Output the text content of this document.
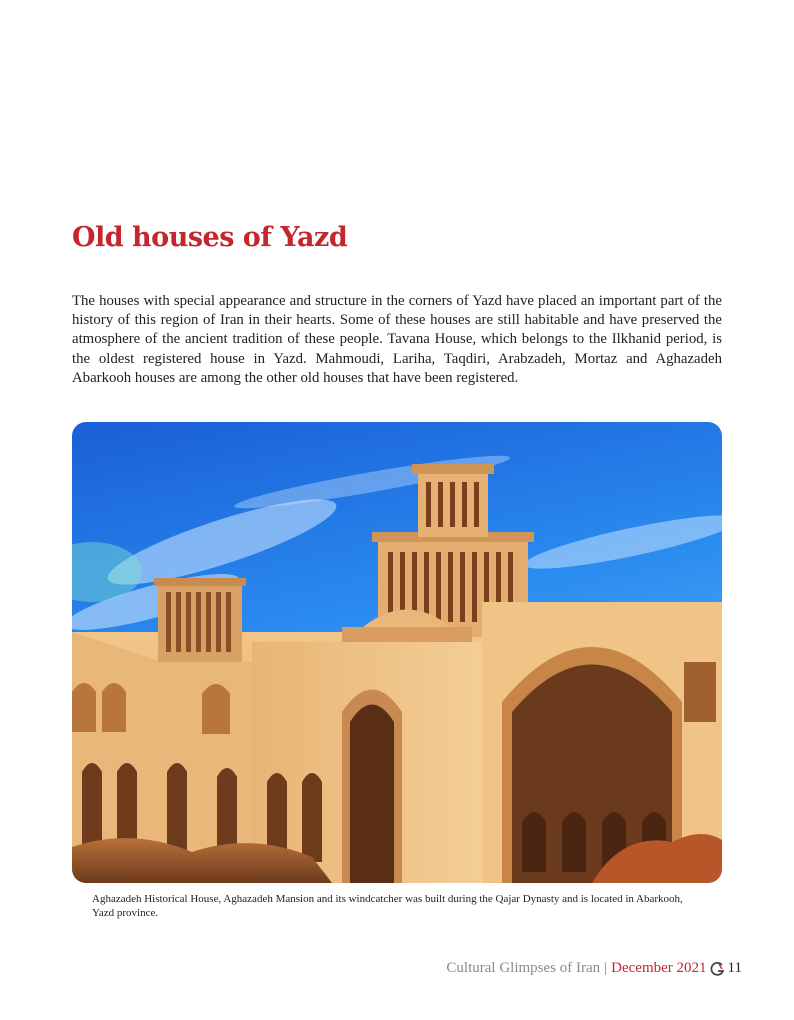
Old houses of Yazd

The houses with special appearance and structure in the corners of Yazd have placed an important part of the history of this region of Iran in their hearts. Some of these houses are still habitable and have preserved the atmosphere of the ancient tradition of these people. Tavana House, which belongs to the Ilkhanid period, is the oldest registered house in Yazd. Mahmoudi, Lariha, Taqdiri, Arabzadeh, Mortaz and Aghazadeh Abarkooh houses are among the other old houses that have been registered.

Aghazadeh Historical House, Aghazadeh Mansion and its windcatcher was built during the Qajar Dynasty and is located in Abarkooh, Yazd province.

Cultural Glimpses of Iran | December 2021 11
